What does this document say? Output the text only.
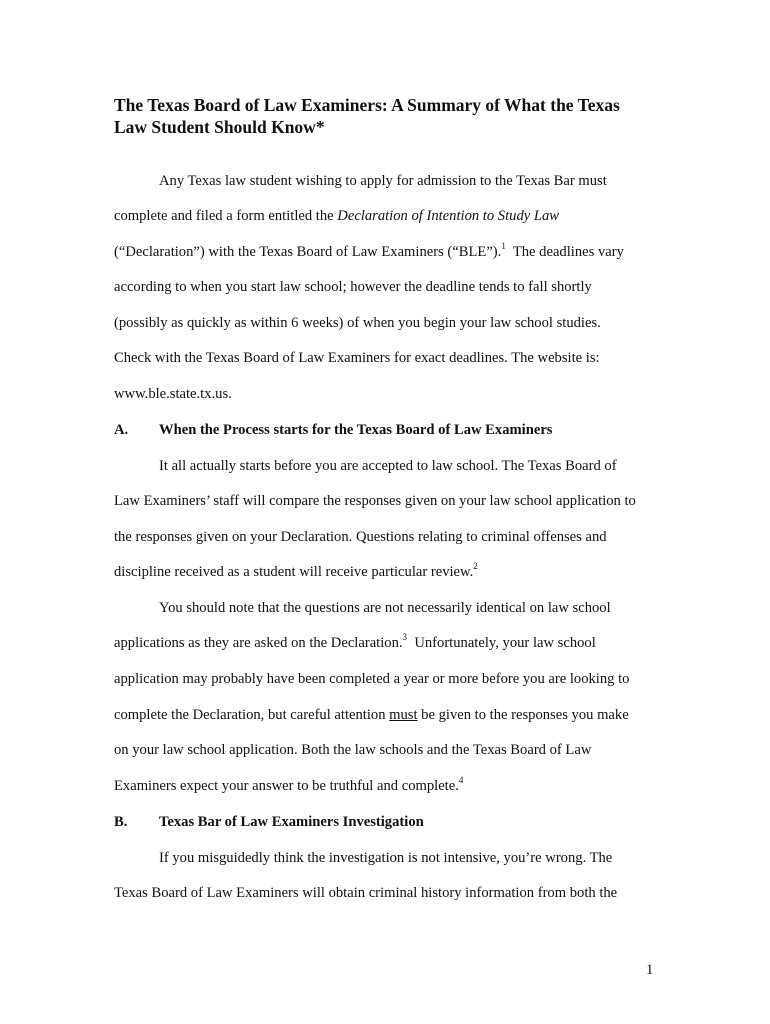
The Texas Board of Law Examiners: A Summary of What the Texas Law Student Should Know*
Any Texas law student wishing to apply for admission to the Texas Bar must
complete and filed a form entitled the Declaration of Intention to Study Law
(“Declaration”) with the Texas Board of Law Examiners (“BLE”).$^1$  The deadlines vary
according to when you start law school; however the deadline tends to fall shortly
(possibly as quickly as within 6 weeks) of when you begin your law school studies.
Check with the Texas Board of Law Examiners for exact deadlines. The website is:
www.ble.state.tx.us.
A. When the Process starts for the Texas Board of Law Examiners
It all actually starts before you are accepted to law school. The Texas Board of
Law Examiners’ staff will compare the responses given on your law school application to
the responses given on your Declaration. Questions relating to criminal offenses and
discipline received as a student will receive particular review.$^2$
You should note that the questions are not necessarily identical on law school
applications as they are asked on the Declaration.$^3$  Unfortunately, your law school
application may probably have been completed a year or more before you are looking to
complete the Declaration, but careful attention must be given to the responses you make
on your law school application. Both the law schools and the Texas Board of Law
Examiners expect your answer to be truthful and complete.$^4$
B. Texas Bar of Law Examiners Investigation
If you misguidedly think the investigation is not intensive, you’re wrong. The
Texas Board of Law Examiners will obtain criminal history information from both the
1
